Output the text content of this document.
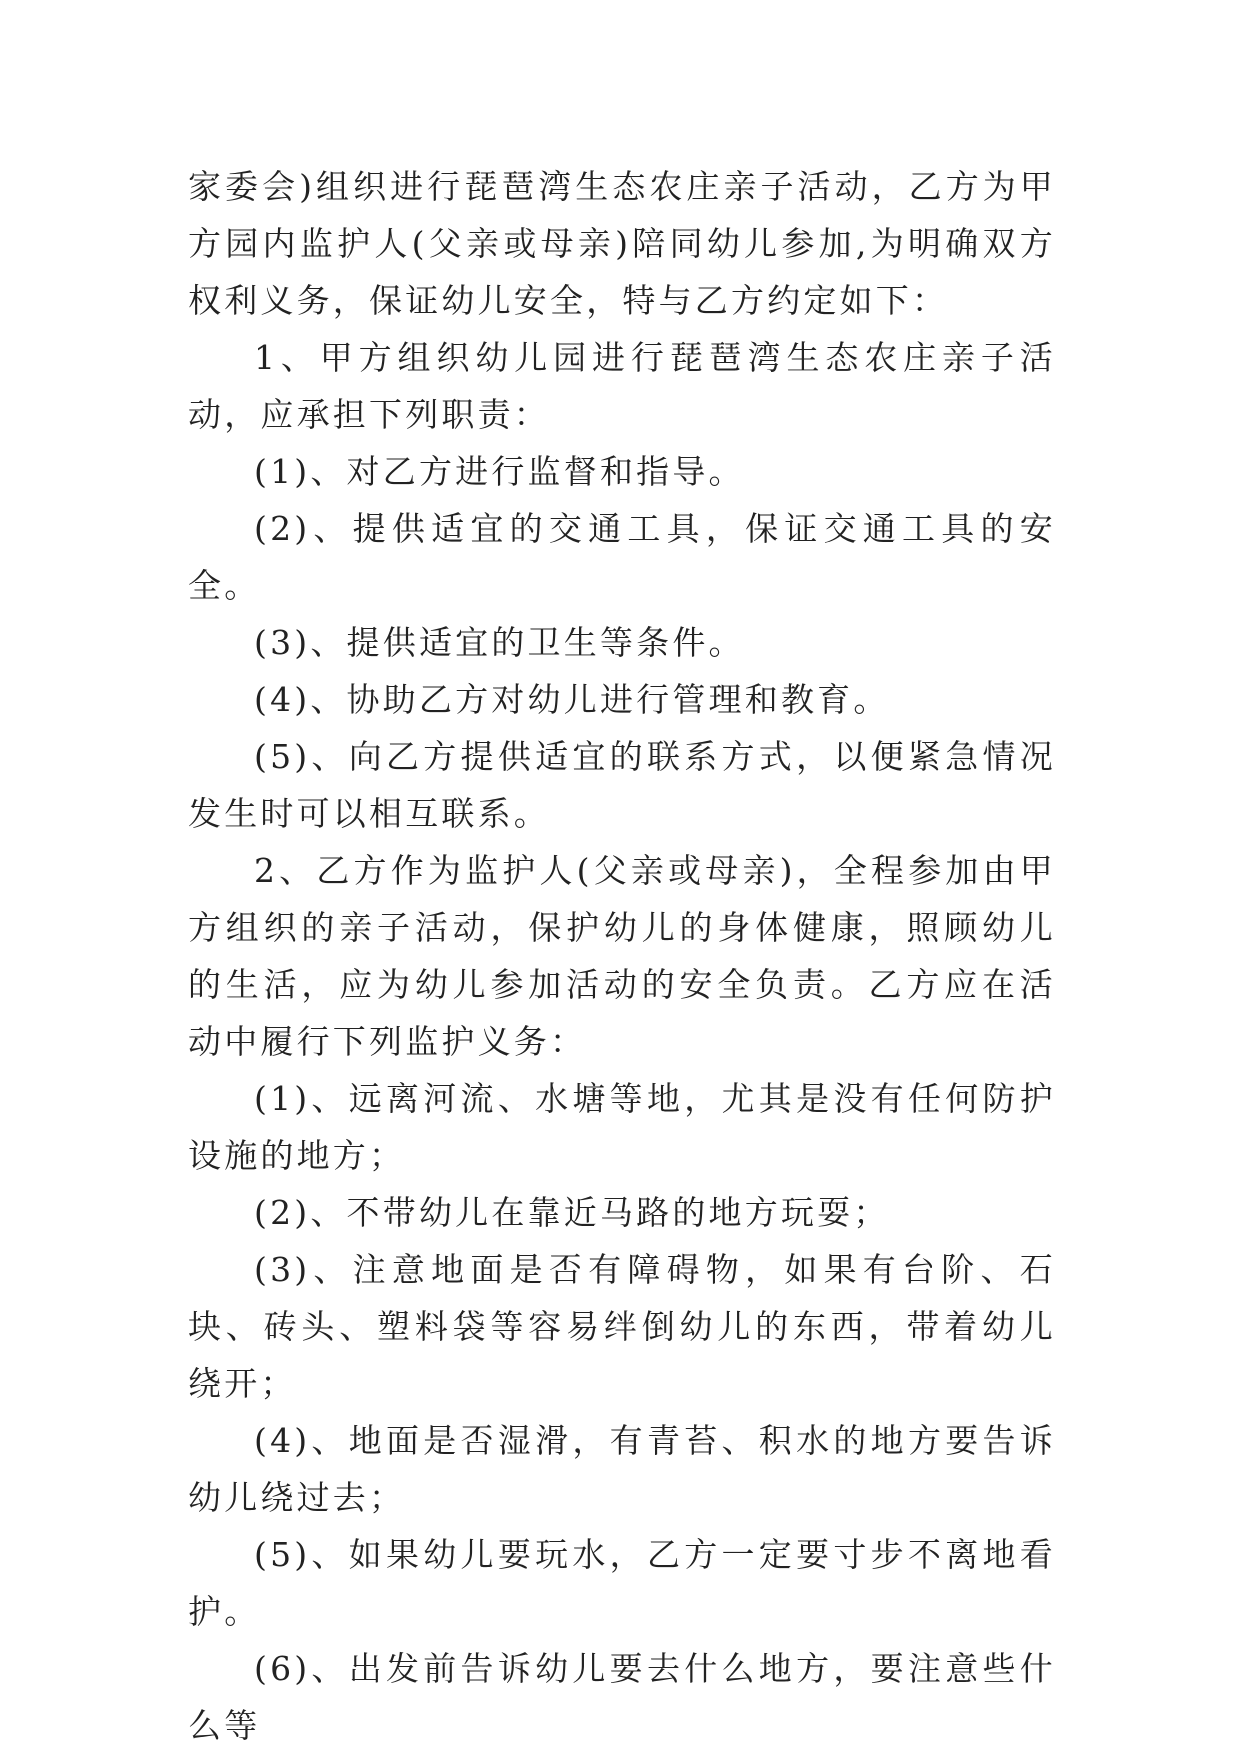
家委会)组织进行琵琶湾生态农庄亲子活动，乙方为甲方园内监护人(父亲或母亲)陪同幼儿参加,为明确双方权利义务，保证幼儿安全，特与乙方约定如下：

1、甲方组织幼儿园进行琵琶湾生态农庄亲子活动，应承担下列职责：

(1)、对乙方进行监督和指导。

(2)、提供适宜的交通工具，保证交通工具的安全。

(3)、提供适宜的卫生等条件。

(4)、协助乙方对幼儿进行管理和教育。

(5)、向乙方提供适宜的联系方式，以便紧急情况发生时可以相互联系。

2、乙方作为监护人(父亲或母亲)，全程参加由甲方组织的亲子活动，保护幼儿的身体健康，照顾幼儿的生活，应为幼儿参加活动的安全负责。乙方应在活动中履行下列监护义务：

(1)、远离河流、水塘等地，尤其是没有任何防护设施的地方；

(2)、不带幼儿在靠近马路的地方玩耍；

(3)、注意地面是否有障碍物，如果有台阶、石块、砖头、塑料袋等容易绊倒幼儿的东西，带着幼儿绕开；

(4)、地面是否湿滑，有青苔、积水的地方要告诉幼儿绕过去；

(5)、如果幼儿要玩水，乙方一定要寸步不离地看护。

(6)、出发前告诉幼儿要去什么地方，要注意些什么等
